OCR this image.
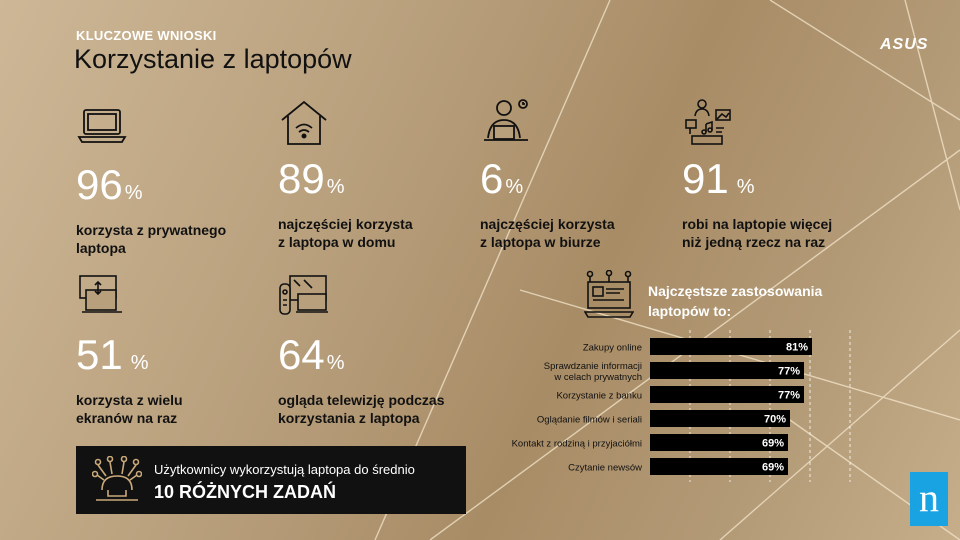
KLUCZOWE WNIOSKI
Korzystanie z laptopów	ASUS
96 %
korzysta z prywatnego
laptopa
89 %
najczęściej korzysta
z laptopa w domu
6 %
najczęściej korzysta
z laptopa w biurze
91 %
robi na laptopie więcej
niż jedną rzecz na raz
51 %
korzysta z wielu
ekranów na raz
64 %
ogląda telewizję podczas
korzystania z laptopa
Najczęstsze zastosowania
laptopów to:
81%
Zakupy online
77%
Sprawdzanie informacji
w celach prywatnych
77%
Korzystanie z banku
70%
Oglądanie filmów i seriali
69%
Kontakt z rodziną i przyjaciółmi
69%
Czytanie newsów
Użytkownicy wykorzystują laptopa do średnio
10 RÓŻNYCH ZADAŃ	n
